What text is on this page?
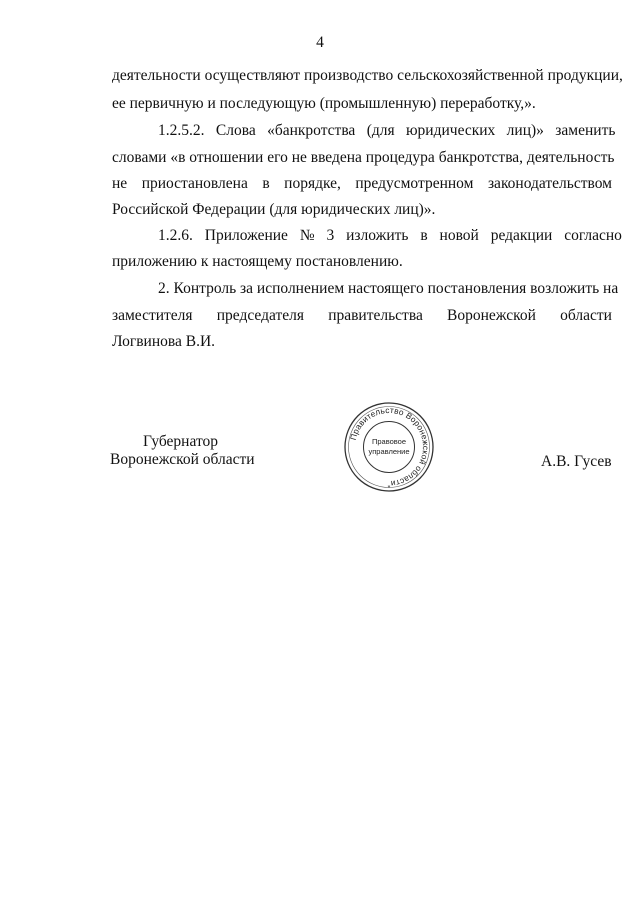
4
деятельности осуществляют производство сельскохозяйственной продукции,
ее первичную и последующую (промышленную) переработку,».
1.2.5.2. Слова «банкротства (для юридических лиц)» заменить
словами «в отношении его не введена процедура банкротства, деятельность
не приостановлена в порядке, предусмотренном законодательством
Российской Федерации (для юридических лиц)».
1.2.6. Приложение № 3 изложить в новой редакции согласно
приложению к настоящему постановлению.
2. Контроль за исполнением настоящего постановления возложить на
заместителя председателя правительства Воронежской области
Логвинова В.И.
Губернатор
Воронежской области	А.В. Гусев
Правительство Воронежской области
Правовое
управление
*
